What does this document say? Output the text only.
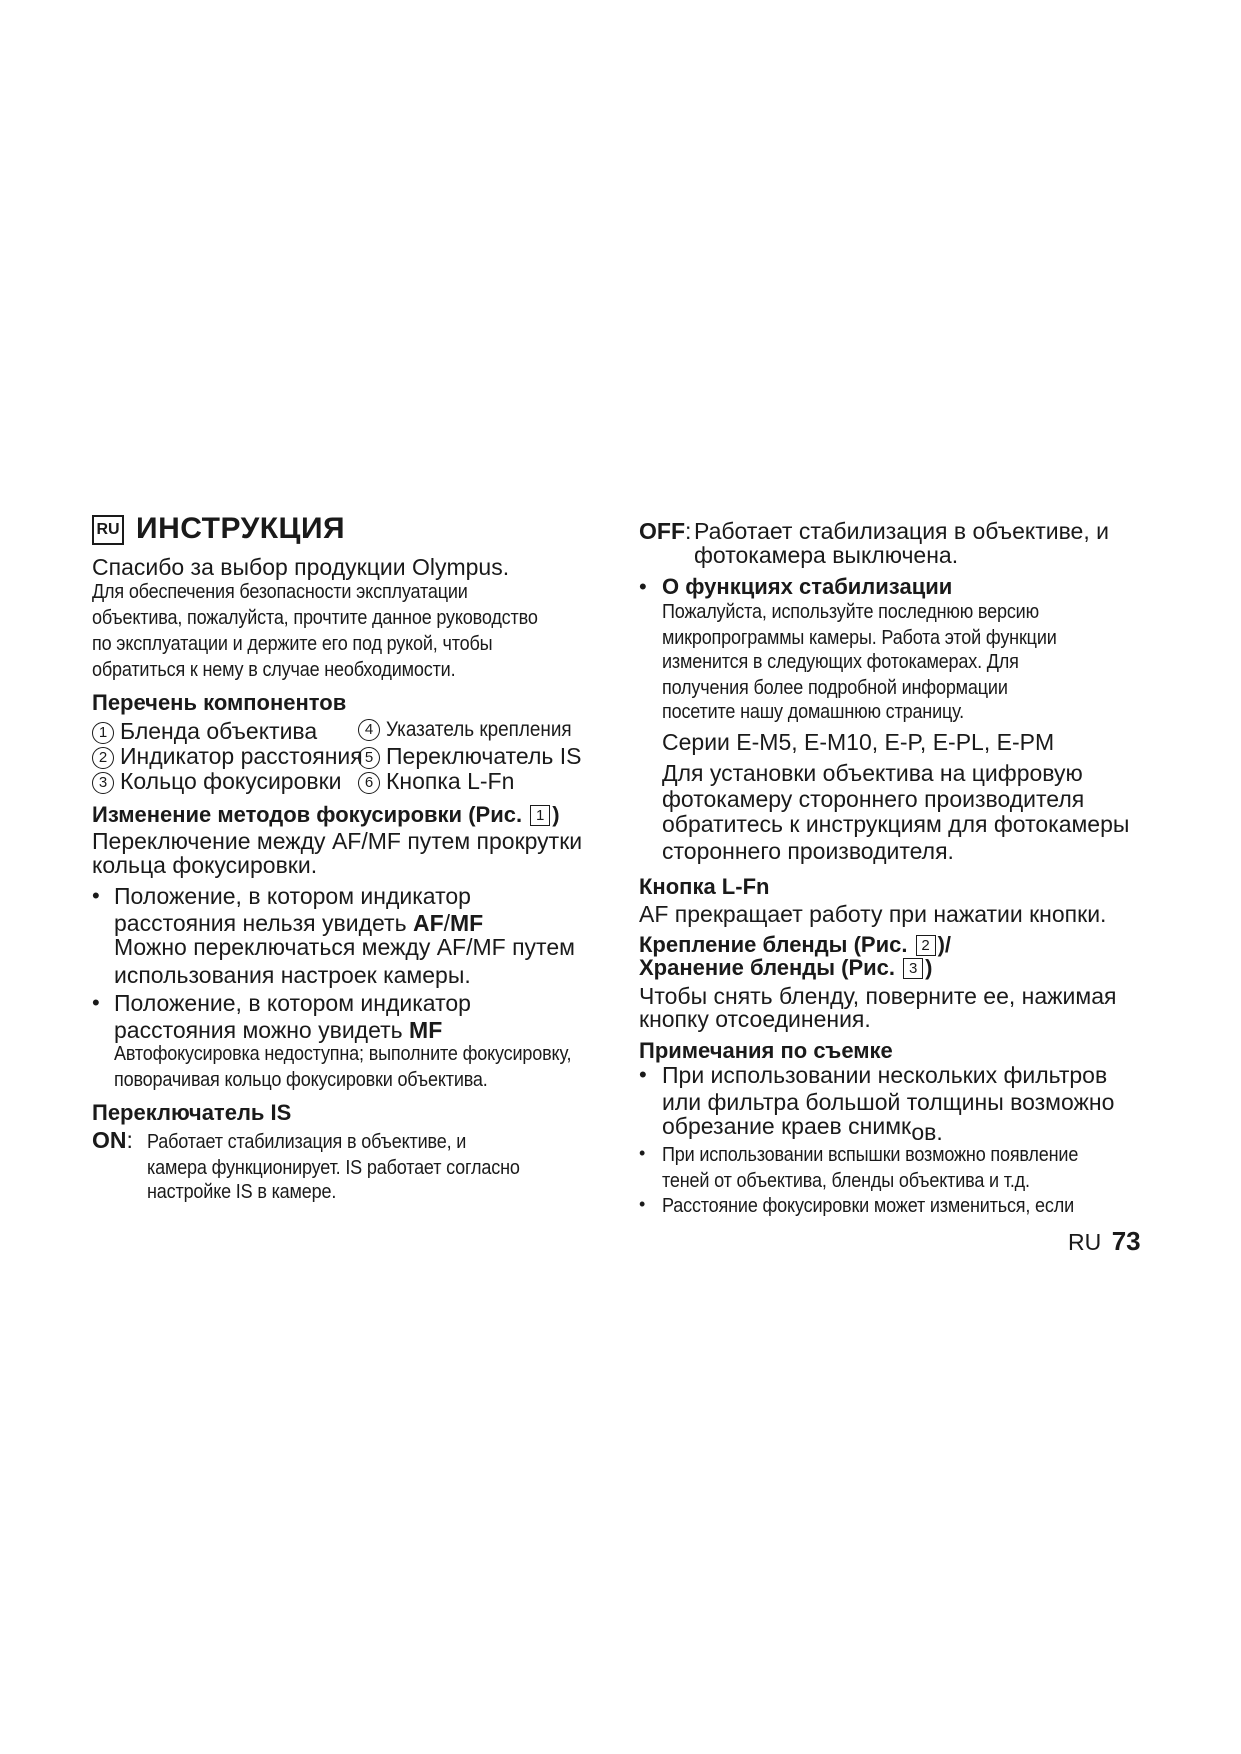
RU ИНСТРУКЦИЯ
Спасибо за выбор продукции Olympus.
Для обеспечения безопасности эксплуатации
объектива, пожалуйста, прочтите данное руководство
по эксплуатации и держите его под рукой, чтобы
обратиться к нему в случае необходимости.
Перечень компонентов
1 Бленда объектива
2 Индикатор расстояния
3 Кольцо фокусировки
4 Указатель крепления
5 Переключатель IS
6 Кнопка L-Fn
Изменение методов фокусировки (Рис. 1 )
Переключение между AF/MF путем прокрутки
кольца фокусировки.
• Положение, в котором индикатор
расстояния нельзя увидеть AF/MF
Можно переключаться между AF/MF путем
использования настроек камеры.
• Положение, в котором индикатор
расстояния можно увидеть MF
Автофокусировка недоступна; выполните фокусировку,
поворачивая кольцо фокусировки объектива.
Переключатель IS
ON: Работает стабилизация в объективе, и
камера функционирует. IS работает согласно
настройке IS в камере.
OFF: Работает стабилизация в объективе, и
фотокамера выключена.
• О функциях стабилизации
Пожалуйста, используйте последнюю версию
микропрограммы камеры. Работа этой функции
изменится в следующих фотокамерах. Для
получения более подробной информации
посетите нашу домашнюю страницу.
Серии E-M5, E-M10, E-P, E-PL, E-PM
Для установки объектива на цифровую
фотокамеру стороннего производителя
обратитесь к инструкциям для фотокамеры
стороннего производителя.
Кнопка L-Fn
AF прекращает работу при нажатии кнопки.
Крепление бленды (Рис. 2 )/
Хранение бленды (Рис. 3 )
Чтобы снять бленду, поверните ее, нажимая
кнопку отсоединения.
Примечания по съемке
• При использовании нескольких фильтров
или фильтра большой толщины возможно
обрезание краев снимков.
• При использовании вспышки возможно появление
теней от объектива, бленды объектива и т.д.
• Расстояние фокусировки может измениться, если
RU 73
